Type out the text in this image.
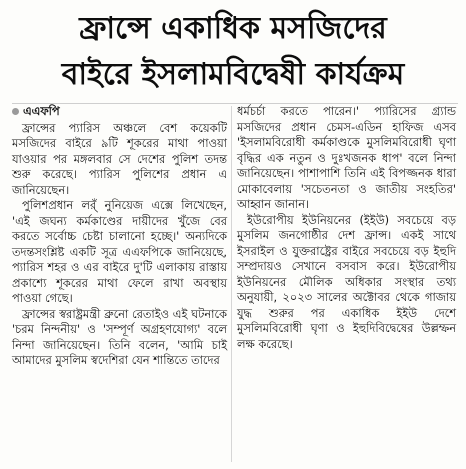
ফ্রান্সে একাধিক মসজিদের
বাইরে ইসলামবিদ্বেষী কার্যক্রম
এএফপি

ফ্রান্সের প্যারিস অঞ্চলে বেশ কয়েকটি মসজিদের বাইরে ৯টি শূকরের মাথা পাওয়া যাওয়ার পর মঙ্গলবার সে দেশের পুলিশ তদন্ত শুরু করেছে। প্যারিস পুলিশের প্রধান এ জানিয়েছেন।

পুলিশপ্রধান লর্ঁ নুনিয়েজ এক্সে লিখেছেন, 'এই জঘন্য কর্মকাণ্ডের দায়ীদের খুঁজে বের করতে সর্বোচ্চ চেষ্টা চালানো হচ্ছে।' অন্যদিকে তদন্তসংশ্লিষ্ট একটি সূত্র এএফপিকে জানিয়েছে, প্যারিস শহর ও এর বাইরে দু'টি এলাকায় রাস্তায় প্রকাশ্যে শূকরের মাথা ফেলে রাখা অবস্থায় পাওয়া গেছে।

ফ্রান্সের স্বরাষ্ট্রমন্ত্রী ব্রুনো রেতাইও এই ঘটনাকে 'চরম নিন্দনীয়' ও 'সম্পূর্ণ অগ্রহণযোগ্য' বলে নিন্দা জানিয়েছেন। তিনি বলেন, 'আমি চাই আমাদের মুসলিম স্বদেশিরা যেন শান্তিতে তাদের

ধর্মচর্চা করতে পারেন।' প্যারিসের গ্র্যান্ড মসজিদের প্রধান চেমস-এডিন হাফিজ এসব 'ইসলামবিরোধী কর্মকাণ্ডকে মুসলিমবিরোধী ঘৃণা বৃদ্ধির এক নতুন ও দুঃখজনক ধাপ' বলে নিন্দা জানিয়েছেন। পাশাপাশি তিনি এই বিপজ্জনক ধারা মোকাবেলায় 'সচেতনতা ও জাতীয় সংহতির' আহ্বান জানান।

ইউরোপীয় ইউনিয়নের (ইইউ) সবচেয়ে বড় মুসলিম জনগোষ্ঠীর দেশ ফ্রান্স। একই সাথে ইসরাইল ও যুক্তরাষ্ট্রের বাইরে সবচেয়ে বড় ইহুদি সম্প্রদায়ও সেখানে বসবাস করে। ইউরোপীয় ইউনিয়নের মৌলিক অধিকার সংস্থার তথ্য অনুযায়ী, ২০২৩ সালের অক্টোবর থেকে গাজায় যুদ্ধ শুরুর পর একাধিক ইইউ দেশে মুসলিমবিরোধী ঘৃণা ও ইহুদিবিদ্বেষের উল্লম্ফন লক্ষ করেছে।
